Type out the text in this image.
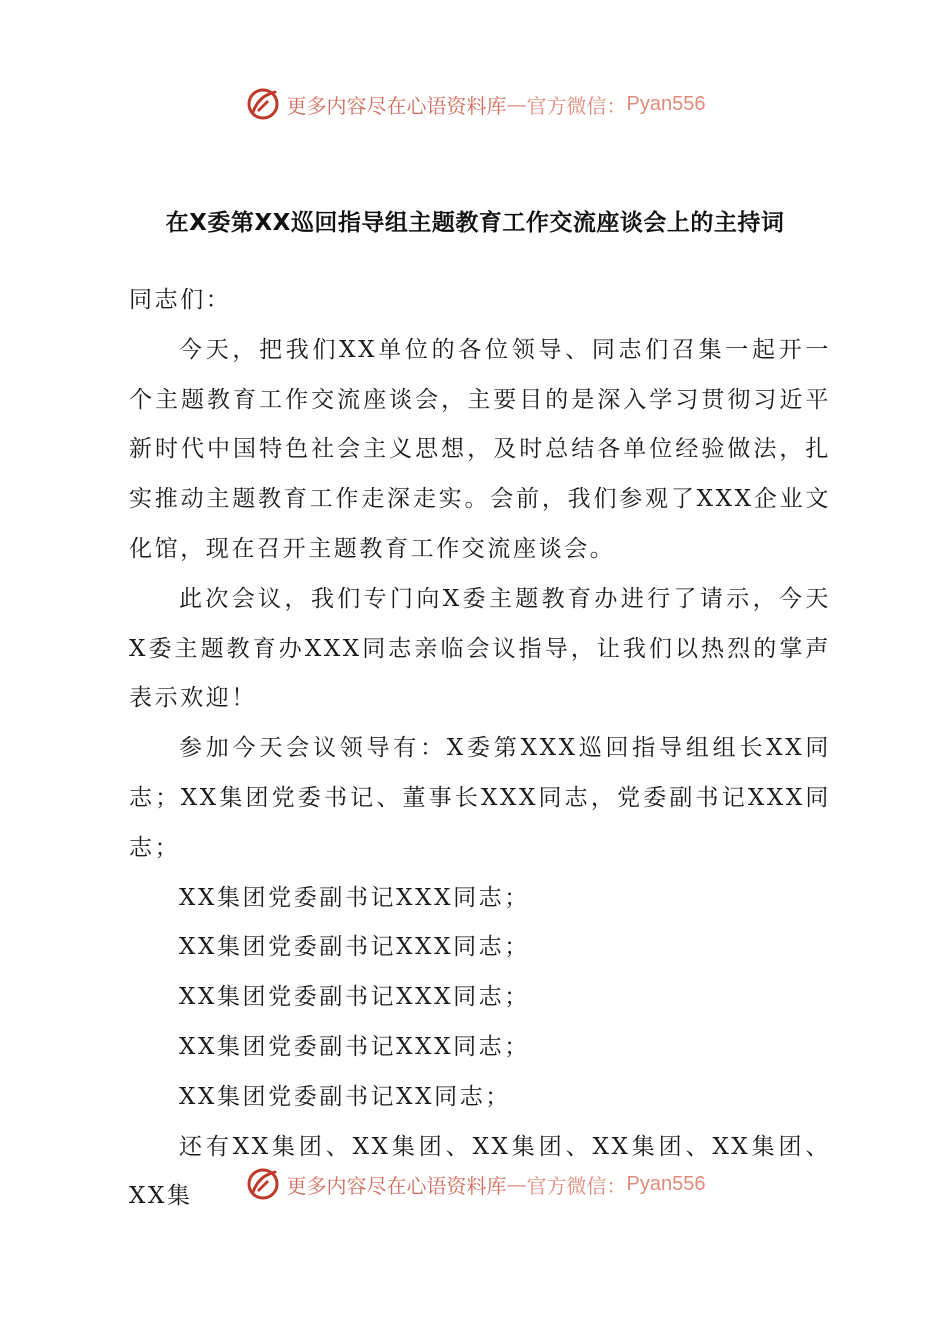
更多内容尽在心语资料库 — 官方微信： Pyan556
在X委第XX巡回指导组主题教育工作交流座谈会上的主持词

同志们：

今天，把我们XX单位的各位领导、同志们召集一起开一个主题教育工作交流座谈会，主要目的是深入学习贯彻习近平新时代中国特色社会主义思想，及时总结各单位经验做法，扎实推动主题教育工作走深走实。会前，我们参观了XXX企业文化馆，现在召开主题教育工作交流座谈会。

此次会议，我们专门向X委主题教育办进行了请示，今天X委主题教育办XXX同志亲临会议指导，让我们以热烈的掌声表示欢迎！

参加今天会议领导有：X委第XXX巡回指导组组长XX同志；XX集团党委书记、董事长XXX同志，党委副书记XXX同志；

XX集团党委副书记XXX同志；

XX集团党委副书记XXX同志；

XX集团党委副书记XXX同志；

XX集团党委副书记XXX同志；

XX集团党委副书记XX同志；

还有XX集团、XX集团、XX集团、XX集团、XX集团、XX集	更多内容尽在心语资料库 — 官方微信： Pyan556
